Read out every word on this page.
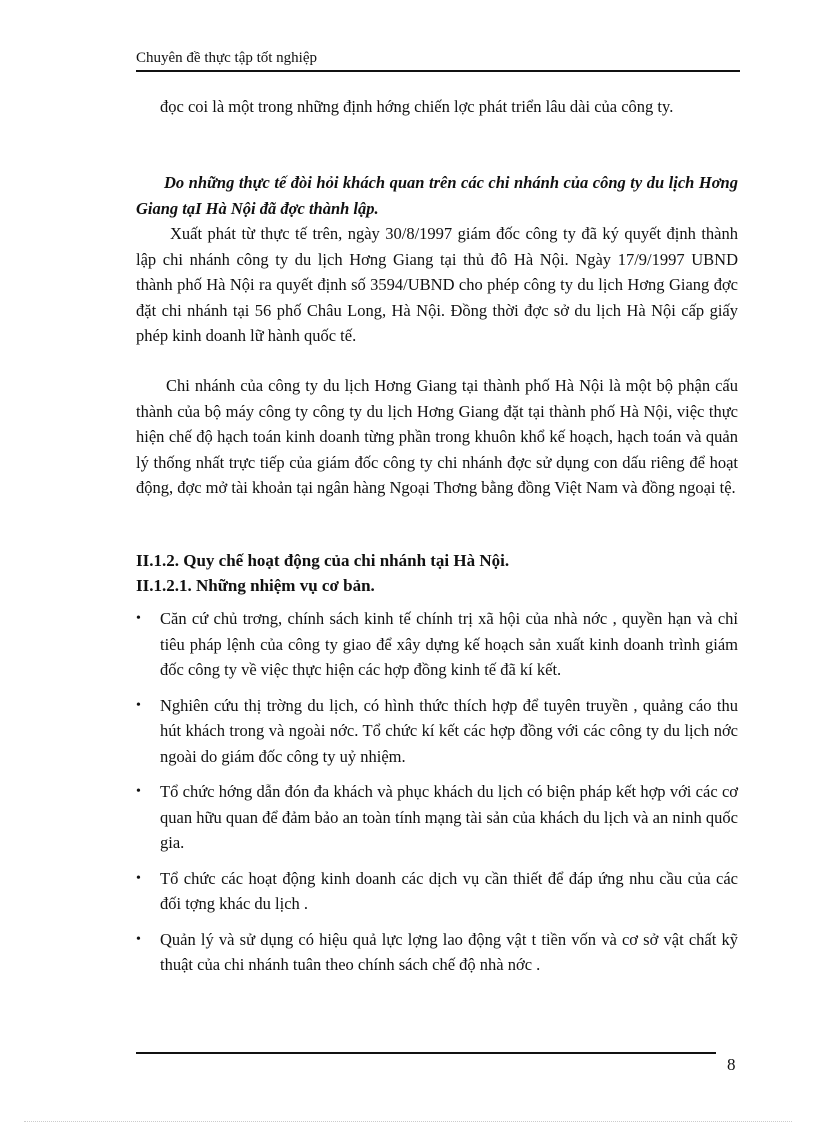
Chuyên đề thực tập tốt nghiệp
đọc coi là một trong những định hớng chiến lợc phát triển lâu dài của công ty.
Do những thực tế đòi hỏi khách quan trên các chi nhánh của công ty du lịch Hơng Giang tạI Hà Nội đã đợc thành lập.
Xuất phát từ thực tế trên, ngày 30/8/1997 giám đốc công ty đã ký quyết định thành lập chi nhánh công ty du lịch Hơng Giang tại thủ đô Hà Nội. Ngày 17/9/1997 UBND thành phố Hà Nội ra quyết định số 3594/UBND cho phép công ty du lịch Hơng Giang đợc đặt chi nhánh tại 56 phố Châu Long, Hà Nội. Đồng thời đợc sở du lịch Hà Nội cấp giấy phép kinh doanh lữ hành quốc tế.
Chi nhánh của công ty du lịch Hơng Giang tại thành phố Hà Nội là một bộ phận cấu thành của bộ máy công ty công ty du lịch Hơng Giang đặt tại thành phố Hà Nội, việc thực hiện chế độ hạch toán kinh doanh từng phần trong khuôn khổ kế hoạch, hạch toán và quản lý thống nhất trực tiếp của giám đốc công ty chi nhánh đợc sử dụng con dấu riêng để hoạt động, đợc mở tài khoản tại ngân hàng Ngoại Thơng bằng đồng Việt Nam và đồng ngoại tệ.
II.1.2. Quy chế hoạt động của chi nhánh tại Hà Nội.
II.1.2.1. Những nhiệm vụ cơ bản.
• Căn cứ chủ trơng, chính sách kinh tế chính trị xã hội của nhà nớc , quyền hạn và chỉ tiêu pháp lệnh của công ty giao để xây dựng kế hoạch sản xuất kinh doanh trình giám đốc công ty về việc thực hiện các hợp đồng kinh tế đã kí kết.
• Nghiên cứu thị trờng du lịch, có hình thức thích hợp để tuyên truyền , quảng cáo thu hút khách trong và ngoài nớc. Tổ chức kí kết các hợp đồng với các công ty du lịch nớc ngoài do giám đốc công ty uỷ nhiệm.
• Tổ chức hớng dẫn đón đa khách và phục khách du lịch có biện pháp kết hợp với các cơ quan hữu quan để đảm bảo an toàn tính mạng tài sản của khách du lịch và an ninh quốc gia.
• Tổ chức các hoạt động kinh doanh các dịch vụ cần thiết để đáp ứng nhu cầu của các đối tợng khác du lịch .
• Quản lý và sử dụng có hiệu quả lực lợng lao động vật t tiền vốn và cơ sở vật chất kỹ thuật của chi nhánh tuân theo chính sách chế độ nhà nớc .
8
